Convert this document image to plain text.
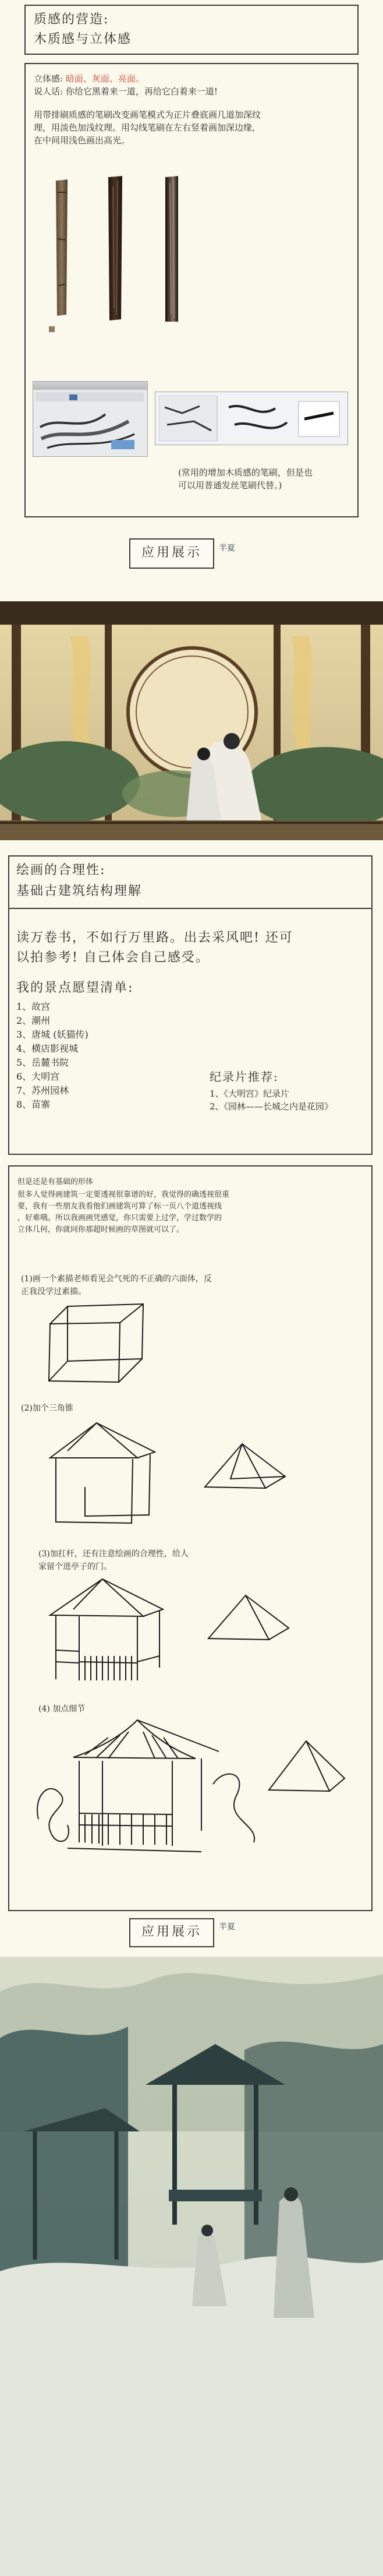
质感的营造:
木质感与立体感
立体感: 暗面、灰面、亮面。
说人话: 你给它黑着来一道，再给它白着来一道!
用带排刷质感的笔刷改变画笔模式为正片叠底画几道加深纹
理，用淡色加浅纹理。用勾线笔刷在左右竖着画加深边缘，
在中间用浅色画出高光。
(常用的增加木质感的笔刷，但是也
可以用普通发丝笔刷代替。)
应用展示	半夏
绘画的合理性:
基础古建筑结构理解
读万卷书，不如行万里路。出去采风吧! 还可
以拍参考! 自己体会自己感受。
我的景点愿望清单:
1、故宫
2、潮州
3、唐城 (妖猫传)
4、横店影视城
5、岳麓书院
6、大明宫
7、苏州园林
8、苗寨
纪录片推荐:
1、《大明宫》纪录片
2、《园林——长城之内是花园》
但是还是有基础的形体
很多人觉得画建筑一定要透视很靠谱的好，我觉得的确透视很重
要，我有一些朋友我看他们画建筑可算了标一页八个道透视线
，好难哦。所以我画画凭感觉，你只需要上过学，学过数学的
立体几何，你就同你那超时候画的草图就可以了。
(1)画一个素描老师看见会气死的不正确的六面体，反
正我没学过素描。
(2)加个三角锥
(3)加扛杆，还有注意绘画的合理性，给人
家留个进亭子的门。
(4) 加点细节
应用展示	半夏
